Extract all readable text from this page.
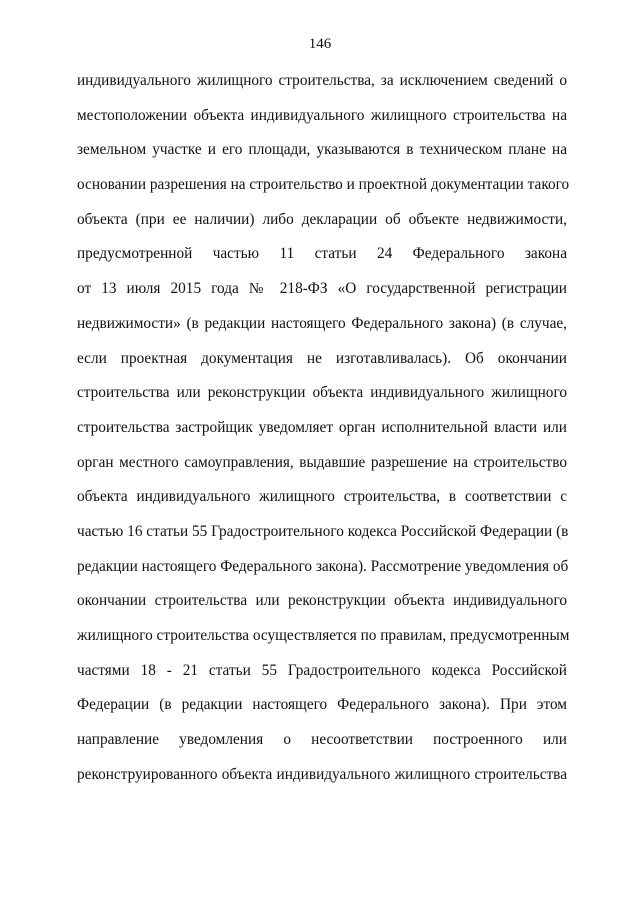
146
индивидуального жилищного строительства, за исключением сведений о
местоположении объекта индивидуального жилищного строительства на
земельном участке и его площади, указываются в техническом плане на
основании разрешения на строительство и проектной документации такого
объекта (при ее наличии) либо декларации об объекте недвижимости,
предусмотренной частью 11 статьи 24 Федерального закона
от 13 июля 2015 года № 218-ФЗ «О государственной регистрации
недвижимости» (в редакции настоящего Федерального закона) (в случае,
если проектная документация не изготавливалась). Об окончании
строительства или реконструкции объекта индивидуального жилищного
строительства застройщик уведомляет орган исполнительной власти или
орган местного самоуправления, выдавшие разрешение на строительство
объекта индивидуального жилищного строительства, в соответствии с
частью 16 статьи 55 Градостроительного кодекса Российской Федерации (в
редакции настоящего Федерального закона). Рассмотрение уведомления об
окончании строительства или реконструкции объекта индивидуального
жилищного строительства осуществляется по правилам, предусмотренным
частями 18 - 21 статьи 55 Градостроительного кодекса Российской
Федерации (в редакции настоящего Федерального закона). При этом
направление уведомления о несоответствии построенного или
реконструированного объекта индивидуального жилищного строительства
